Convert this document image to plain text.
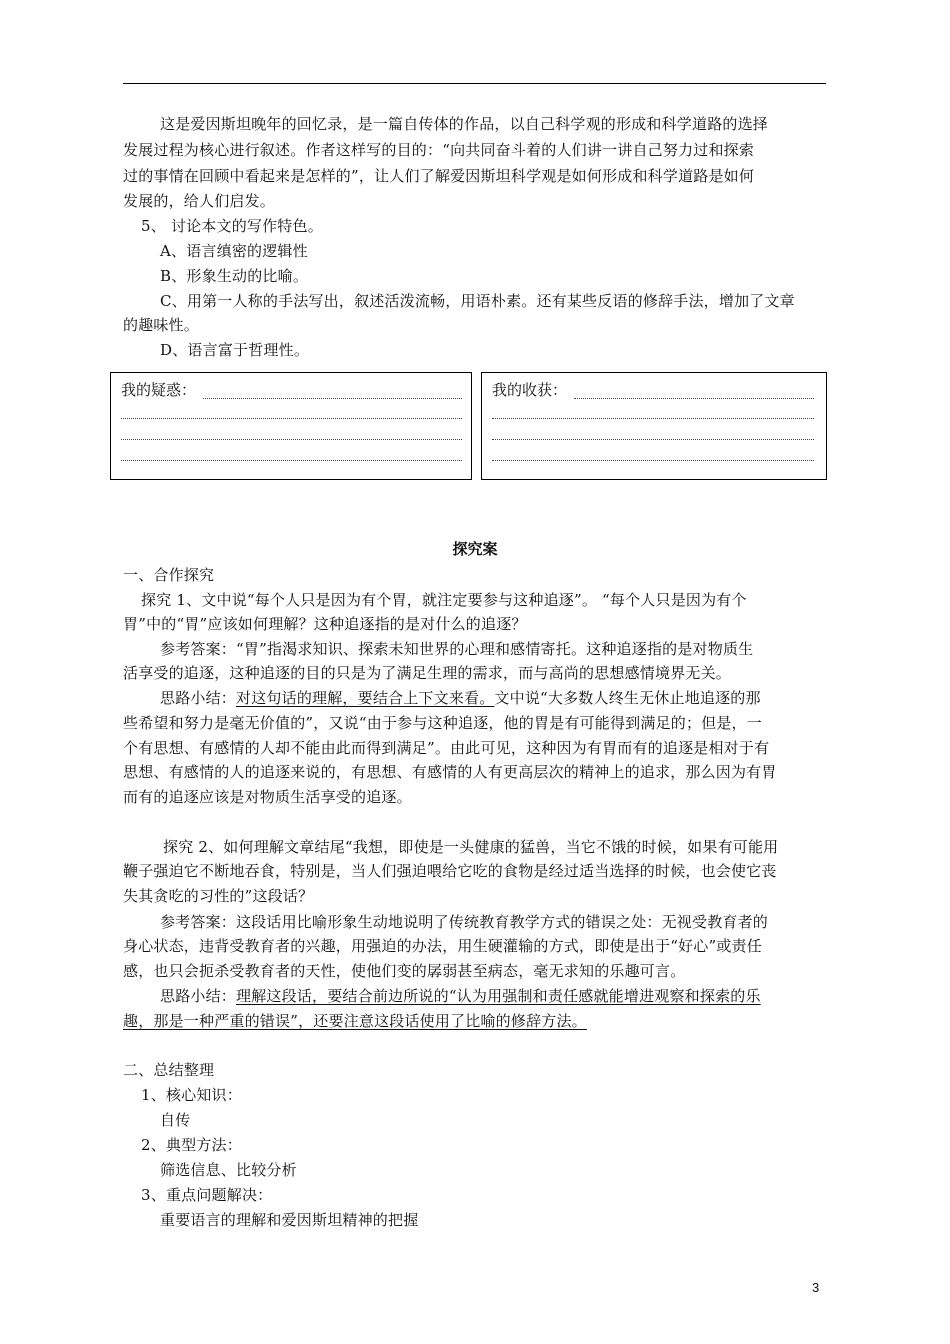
这是爱因斯坦晚年的回忆录，是一篇自传体的作品，以自己科学观的形成和科学道路的选择
发展过程为核心进行叙述。作者这样写的目的：“向共同奋斗着的人们讲一讲自己努力过和探索
过的事情在回顾中看起来是怎样的”，让人们了解爱因斯坦科学观是如何形成和科学道路是如何
发展的，给人们启发。
5、 讨论本文的写作特色。
A、语言缜密的逻辑性
B、形象生动的比喻。
C、用第一人称的手法写出，叙述活泼流畅，用语朴素。还有某些反语的修辞手法，增加了文章
的趣味性。
D、语言富于哲理性。
我的疑惑：	我的收获：
探究案
一、合作探究
探究 1、文中说“每个人只是因为有个胃，就注定要参与这种追逐”。 “每个人只是因为有个
胃”中的“胃”应该如何理解？这种追逐指的是对什么的追逐？
参考答案：“胃”指渴求知识、探索未知世界的心理和感情寄托。这种追逐指的是对物质生
活享受的追逐，这种追逐的目的只是为了满足生理的需求，而与高尚的思想感情境界无关。
思路小结：对这句话的理解，要结合上下文来看。文中说“大多数人终生无休止地追逐的那
些希望和努力是毫无价值的”，又说“由于参与这种追逐，他的胃是有可能得到满足的；但是，一
个有思想、有感情的人却不能由此而得到满足”。由此可见，这种因为有胃而有的追逐是相对于有
思想、有感情的人的追逐来说的，有思想、有感情的人有更高层次的精神上的追求，那么因为有胃
而有的追逐应该是对物质生活享受的追逐。
探究 2、如何理解文章结尾“我想，即使是一头健康的猛兽，当它不饿的时候，如果有可能用
鞭子强迫它不断地吞食，特别是，当人们强迫喂给它吃的食物是经过适当选择的时候，也会使它丧
失其贪吃的习性的”这段话？
参考答案：这段话用比喻形象生动地说明了传统教育教学方式的错误之处：无视受教育者的
身心状态，违背受教育者的兴趣，用强迫的办法，用生硬灌输的方式，即使是出于“好心”或责任
感，也只会扼杀受教育者的天性，使他们变的孱弱甚至病态，毫无求知的乐趣可言。
思路小结：理解这段话，要结合前边所说的“认为用强制和责任感就能增进观察和探索的乐
趣，那是一种严重的错误”，还要注意这段话使用了比喻的修辞方法。
二、总结整理
1、核心知识：
自传
2、典型方法：
筛选信息、比较分析
3、重点问题解决：
重要语言的理解和爱因斯坦精神的把握
3
